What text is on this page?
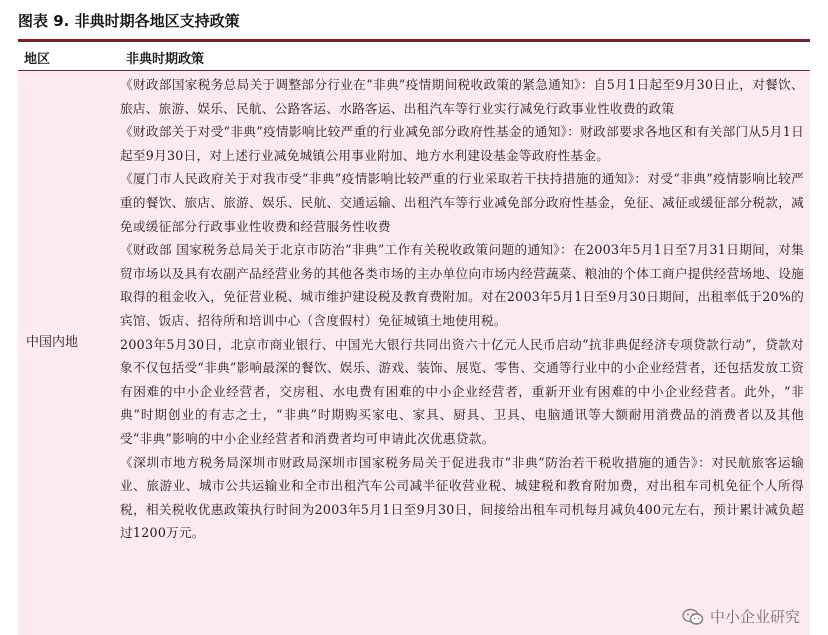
图表 9. 非典时期各地区支持政策
地区	非典时期政策
中国内地

《财政部国家税务总局关于调整部分行业在“非典”疫情期间税收政策的紧急通知》：自5月1日起至9月30日止，对餐饮、旅店、旅游、娱乐、民航、公路客运、水路客运、出租汽车等行业实行减免行政事业性收费的政策

《财政部关于对受“非典”疫情影响比较严重的行业减免部分政府性基金的通知》：财政部要求各地区和有关部门从5月1日起至9月30日，对上述行业减免城镇公用事业附加、地方水利建设基金等政府性基金。

《厦门市人民政府关于对我市受“非典”疫情影响比较严重的行业采取若干扶持措施的通知》：对受“非典”疫情影响比较严重的餐饮、旅店、旅游、娱乐、民航、交通运输、出租汽车等行业减免部分政府性基金，免征、减征或缓征部分税款，减免或缓征部分行政事业性收费和经营服务性收费

《财政部 国家税务总局关于北京市防治“非典”工作有关税收政策问题的通知》：在2003年5月1日至7月31日期间，对集贸市场以及具有农副产品经营业务的其他各类市场的主办单位向市场内经营蔬菜、粮油的个体工商户提供经营场地、设施取得的租金收入，免征营业税、城市维护建设税及教育费附加。对在2003年5月1日至9月30日期间，出租率低于20%的宾馆、饭店、招待所和培训中心（含度假村）免征城镇土地使用税。

2003年5月30日，北京市商业银行、中国光大银行共同出资六十亿元人民币启动“抗非典促经济专项贷款行动”，贷款对象不仅包括受“非典”影响最深的餐饮、娱乐、游戏、装饰、展览、零售、交通等行业中的小企业经营者，还包括发放工资有困难的中小企业经营者，交房租、水电费有困难的中小企业经营者，重新开业有困难的中小企业经营者。此外，“非典”时期创业的有志之士，“非典”时期购买家电、家具、厨具、卫具、电脑通讯等大额耐用消费品的消费者以及其他受“非典”影响的中小企业经营者和消费者均可申请此次优惠贷款。

《深圳市地方税务局深圳市财政局深圳市国家税务局关于促进我市“非典”防治若干税收措施的通告》：对民航旅客运输业、旅游业、城市公共运输业和全市出租汽车公司减半征收营业税、城建税和教育附加费，对出租车司机免征个人所得税，相关税收优惠政策执行时间为2003年5月1日至9月30日，间接给出租车司机每月减负400元左右，预计累计减负超过1200万元。

中小企业研究
